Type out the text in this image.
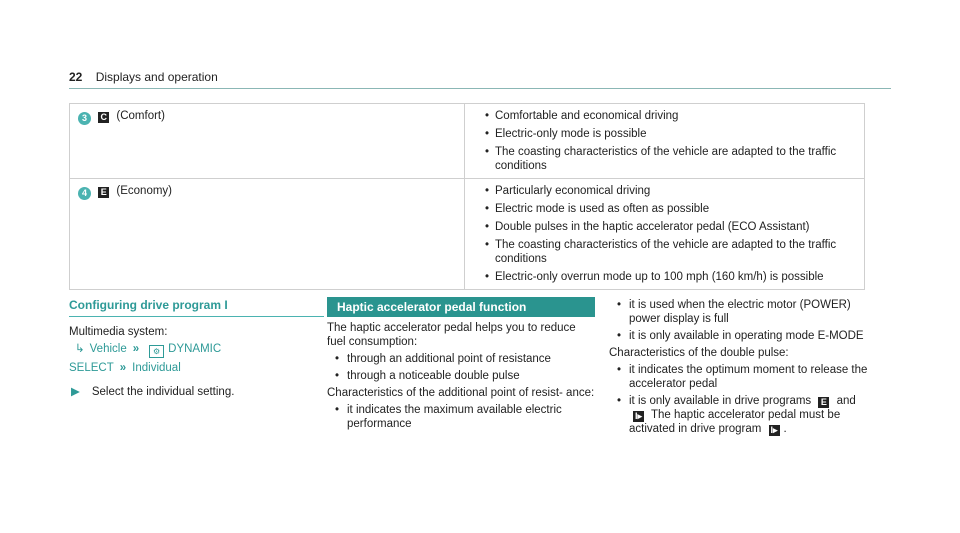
22 Displays and operation
3 C (Comfort)	• Comfortable and economical driving
• Electric-only mode is possible
• The coasting characteristics of the vehicle are adapted to the traffic conditions
4 E (Economy)	• Particularly economical driving
• Electric mode is used as often as possible
• Double pulses in the haptic accelerator pedal (ECO Assistant)
• The coasting characteristics of the vehicle are adapted to the traffic conditions
• Electric-only overrun mode up to 100 mph (160 km/h) is possible
Configuring drive program I
Multimedia system:
↳ Vehicle » ⚙ DYNAMIC
SELECT » Individual
▶ Select the individual setting.
Haptic accelerator pedal function
The haptic accelerator pedal helps you to reduce fuel consumption:
• through an additional point of resistance
• through a noticeable double pulse
Characteristics of the additional point of resist- ance:
• it indicates the maximum available electric performance
• it is used when the electric motor (POWER) power display is full
• it is only available in operating mode E-MODE
Characteristics of the double pulse:
• it indicates the optimum moment to release the accelerator pedal
• it is only available in drive programs E and I▸ The haptic accelerator pedal must be activated in drive program I▸ .
